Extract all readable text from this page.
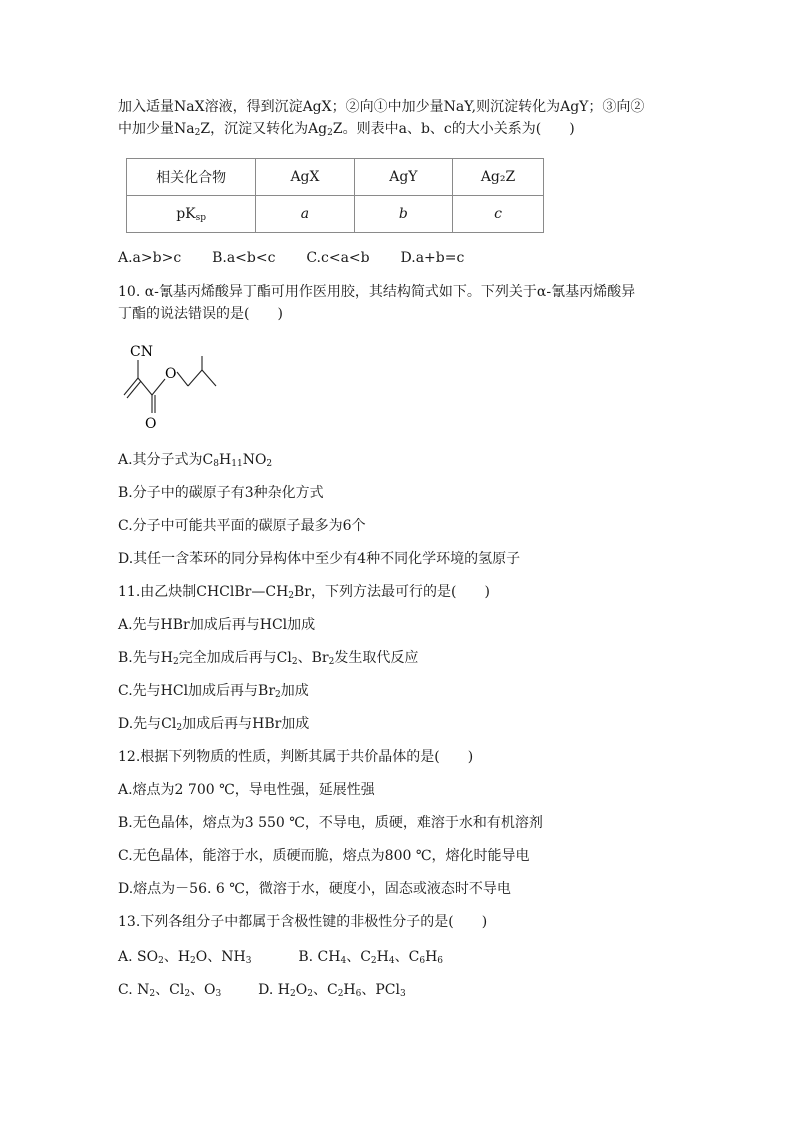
加入适量NaX溶液，得到沉淀AgX；②向①中加少量NaY,则沉淀转化为AgY；③向②
中加少量$Na_2Z$，沉淀又转化为$Ag_2Z$。则表中a、b、c的大小关系为(　　)
相关化合物	AgX	AgY	Ag₂Z
$pK_{sp}$	a	b	c
A.a>b>c B.a<b<c C.c<a<b D.a+b=c
10. α-氰基丙烯酸异丁酯可用作医用胶，其结构简式如下。下列关于α-氰基丙烯酸异
丁酯的说法错误的是(　　)
CN
O
O
A.其分子式为$C_8H_{11}NO_2$
B.分子中的碳原子有3种杂化方式
C.分子中可能共平面的碳原子最多为6个
D.其任一含苯环的同分异构体中至少有4种不同化学环境的氢原子
11.由乙炔制$CHClBr—CH_2Br$，下列方法最可行的是(　　)
A.先与HBr加成后再与HCl加成
B.先与$H_2$完全加成后再与$Cl_2$、$Br_2$发生取代反应
C.先与HCl加成后再与$Br_2$加成
D.先与$Cl_2$加成后再与HBr加成
12.根据下列物质的性质，判断其属于共价晶体的是(　　)
A.熔点为2 700 ℃，导电性强，延展性强
B.无色晶体，熔点为3 550 ℃，不导电，质硬，难溶于水和有机溶剂
C.无色晶体，能溶于水，质硬而脆，熔点为800 ℃，熔化时能导电
D.熔点为－56. 6 ℃，微溶于水，硬度小，固态或液态时不导电
13.下列各组分子中都属于含极性键的非极性分子的是(　　)
A. $SO_2$、$H_2O$、$NH_3$	B. $CH_4$、$C_2H_4$、$C_6H_6$
C. $N_2$、$Cl_2$、$O_3$	D. $H_2O_2$、$C_2H_6$、PCl$_3$
